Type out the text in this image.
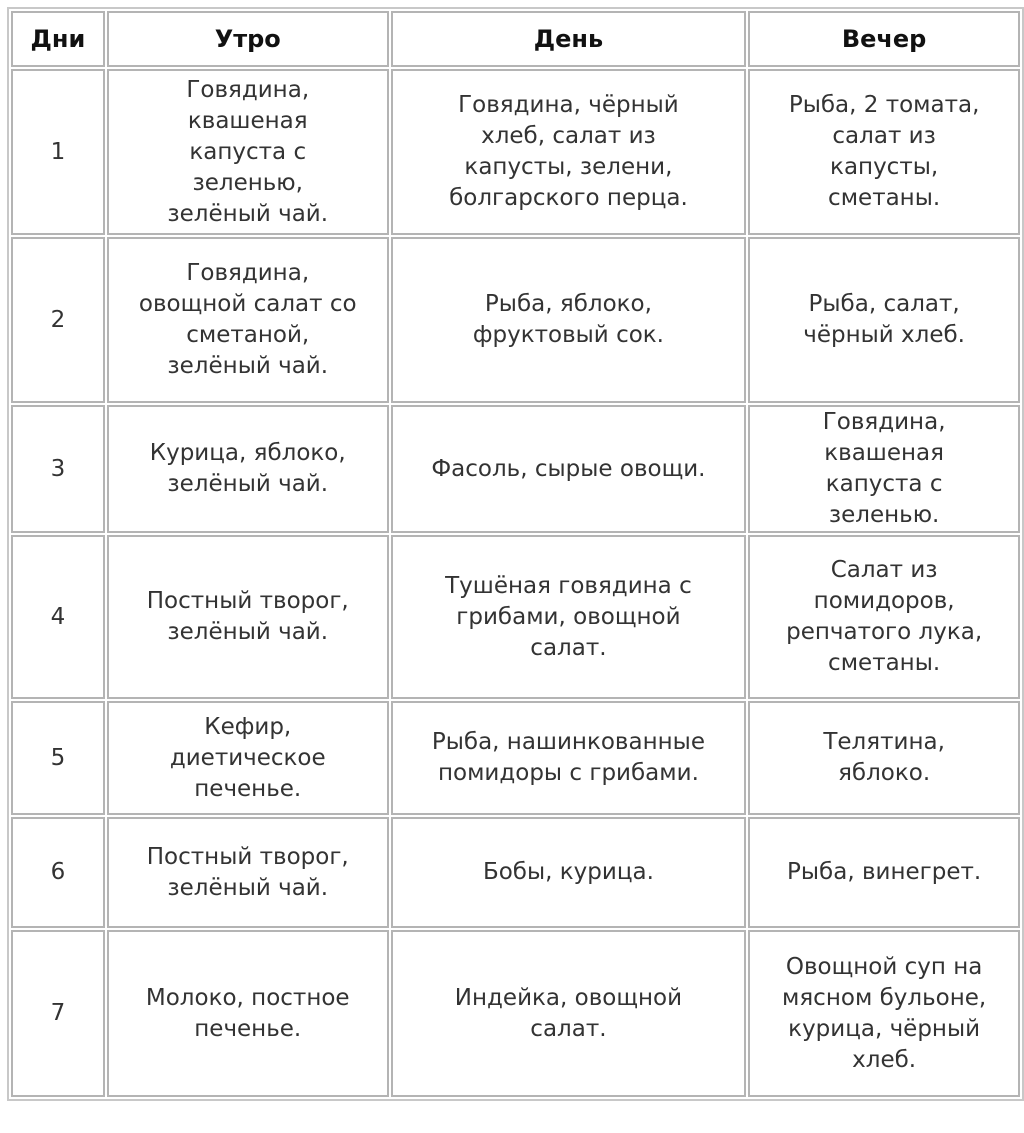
Дни	Утро	День	Вечер
1	Говядина,
квашеная
капуста с
зеленью,
зелёный чай.	Говядина, чёрный
хлеб, салат из
капусты, зелени,
болгарского перца.	Рыба, 2 томата,
салат из
капусты,
сметаны.

2	Говядина,
овощной салат со
сметаной,
зелёный чай.	Рыба, яблоко,
фруктовый сок.	Рыба, салат,
чёрный хлеб.

3	Курица, яблоко,
зелёный чай.	Фасоль, сырые овощи.	Говядина,
квашеная
капуста с
зеленью.

4	Постный творог,
зелёный чай.	Тушёная говядина с
грибами, овощной
салат.	Салат из
помидоров,
репчатого лука,
сметаны.

5	Кефир,
диетическое
печенье.	Рыба, нашинкованные
помидоры с грибами.	Телятина,
яблоко.

6	Постный творог,
зелёный чай.	Бобы, курица.	Рыба, винегрет.

7	Молоко, постное
печенье.	Индейка, овощной
салат.	Овощной суп на
мясном бульоне,
курица, чёрный
хлеб.
